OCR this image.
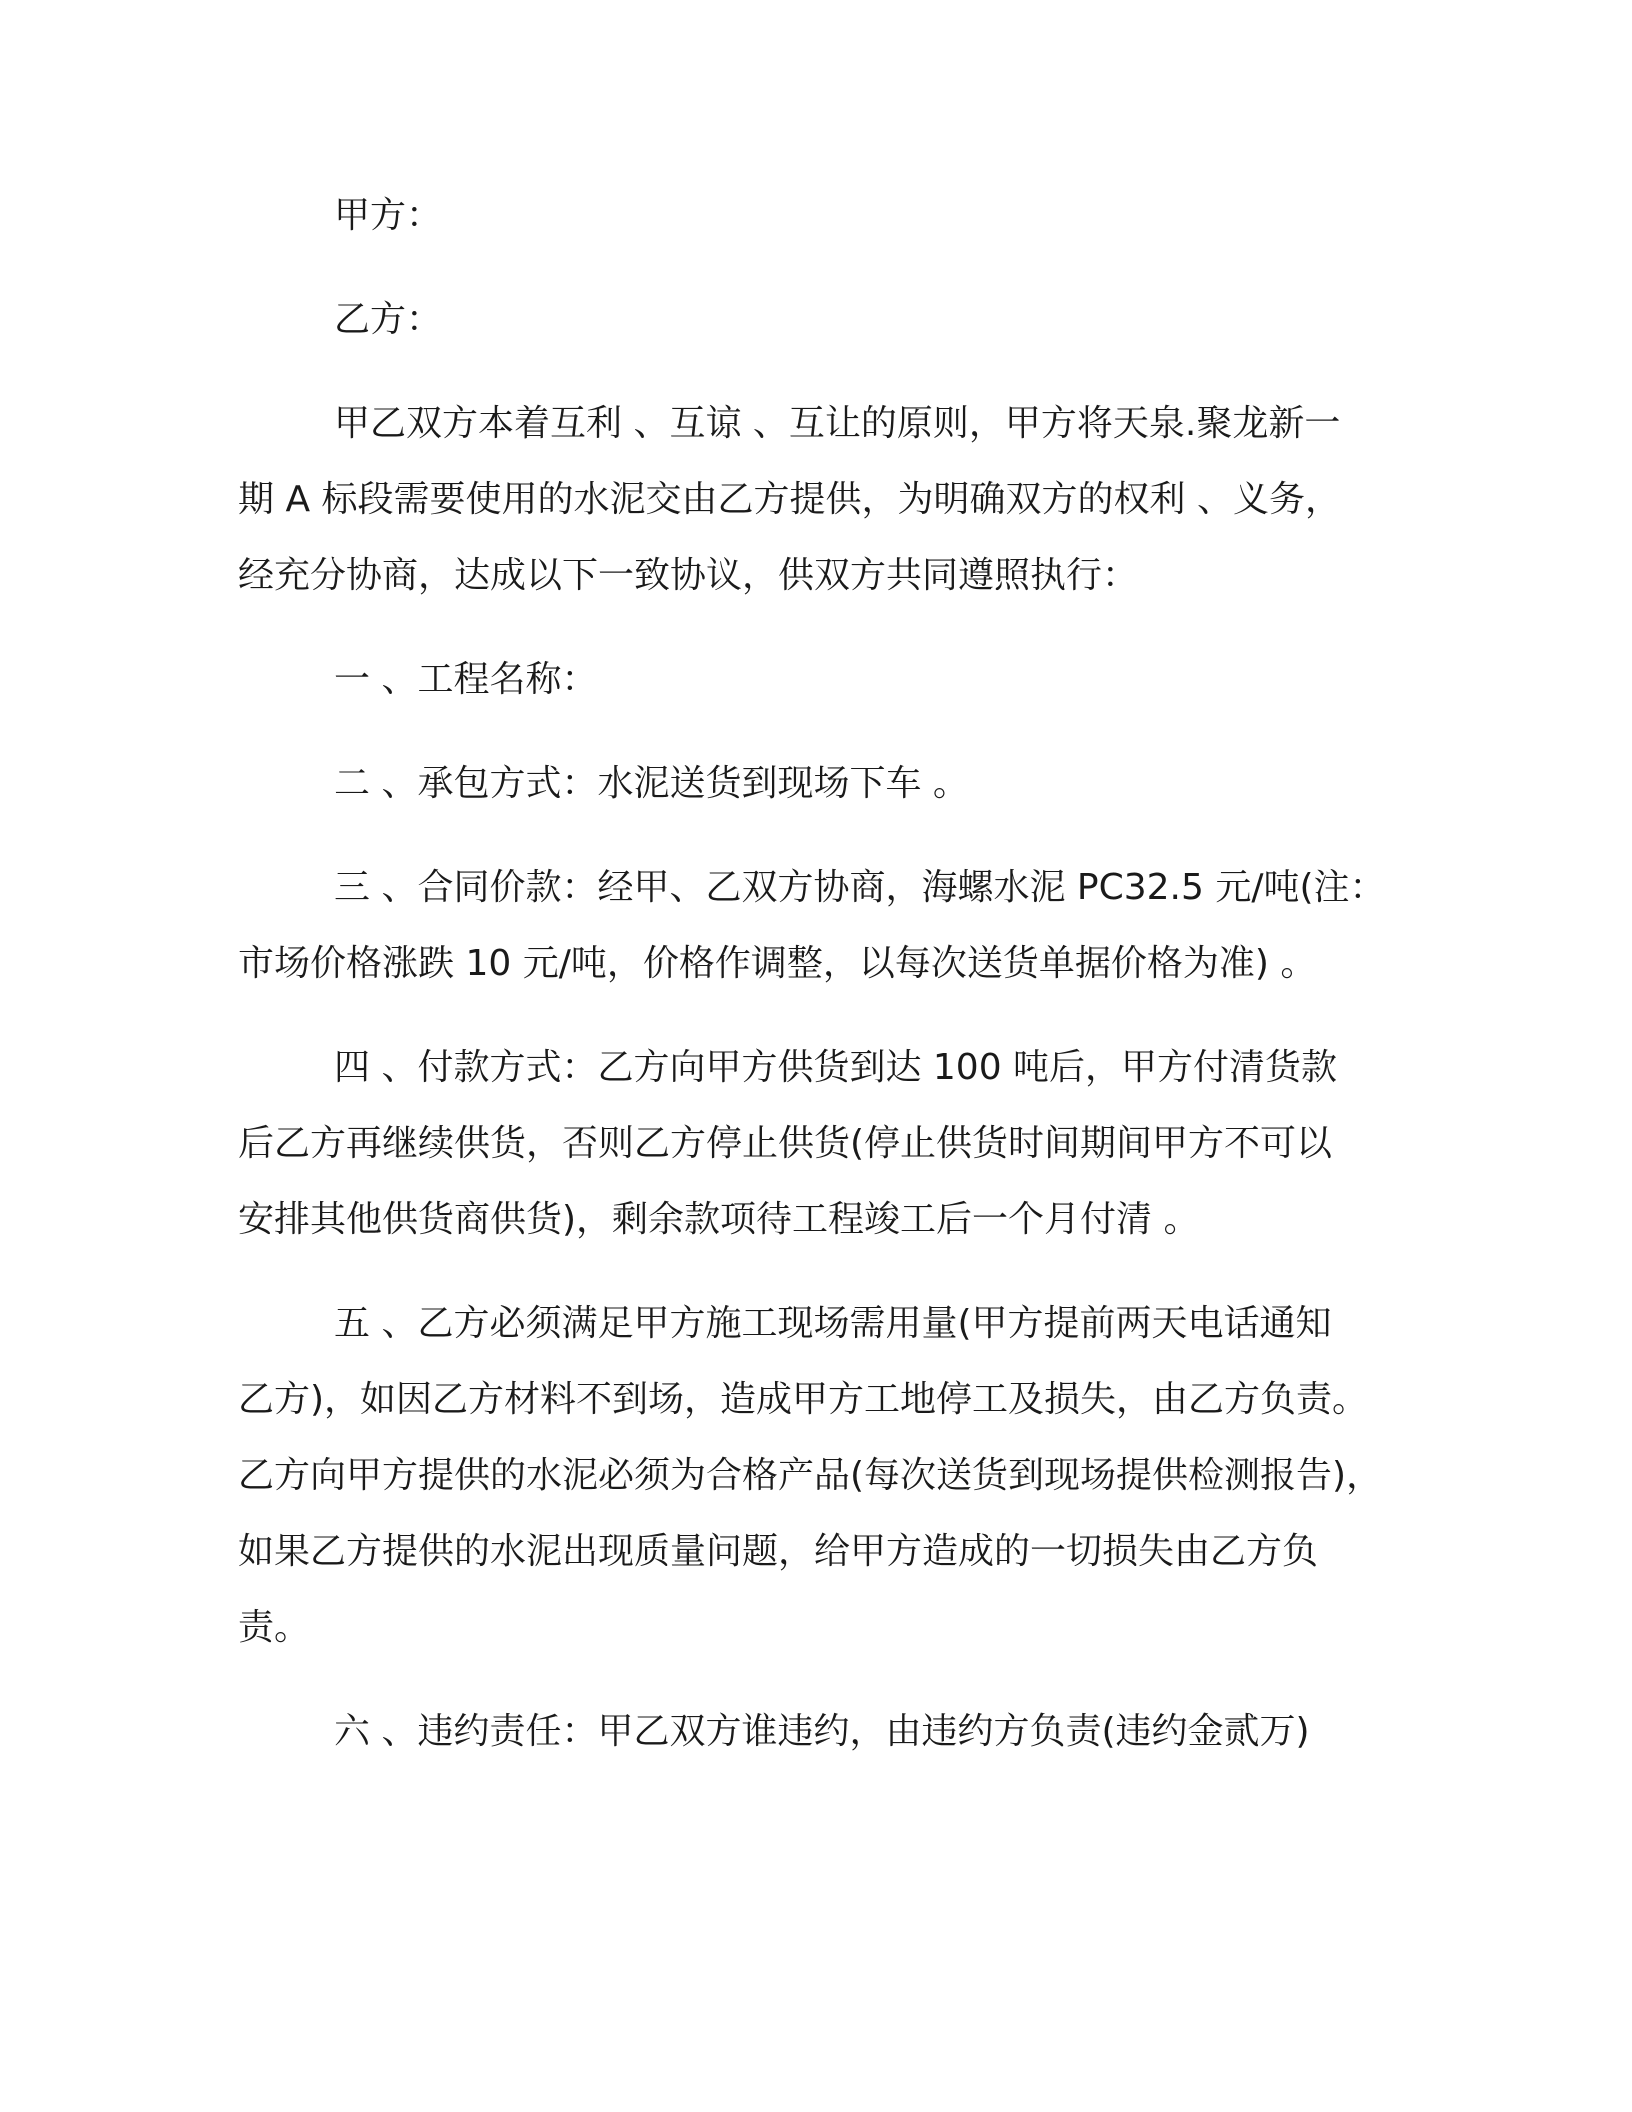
甲方：
乙方：
甲乙双方本着互利 、互谅 、互让的原则，甲方将天泉.聚龙新一
期 A 标段需要使用的水泥交由乙方提供，为明确双方的权利 、义务，
经充分协商，达成以下一致协议，供双方共同遵照执行：
一 、工程名称：
二 、承包方式：水泥送货到现场下车 。
三 、合同价款：经甲、乙双方协商，海螺水泥 PC32.5 元/吨(注：
市场价格涨跌 10 元/吨，价格作调整，以每次送货单据价格为准) 。
四 、付款方式：乙方向甲方供货到达 100 吨后，甲方付清货款
后乙方再继续供货，否则乙方停止供货(停止供货时间期间甲方不可以
安排其他供货商供货)，剩余款项待工程竣工后一个月付清 。
五 、乙方必须满足甲方施工现场需用量(甲方提前两天电话通知
乙方)，如因乙方材料不到场，造成甲方工地停工及损失，由乙方负责。
乙方向甲方提供的水泥必须为合格产品(每次送货到现场提供检测报告)，
如果乙方提供的水泥出现质量问题，给甲方造成的一切损失由乙方负
责。
六 、违约责任：甲乙双方谁违约，由违约方负责(违约金贰万)
